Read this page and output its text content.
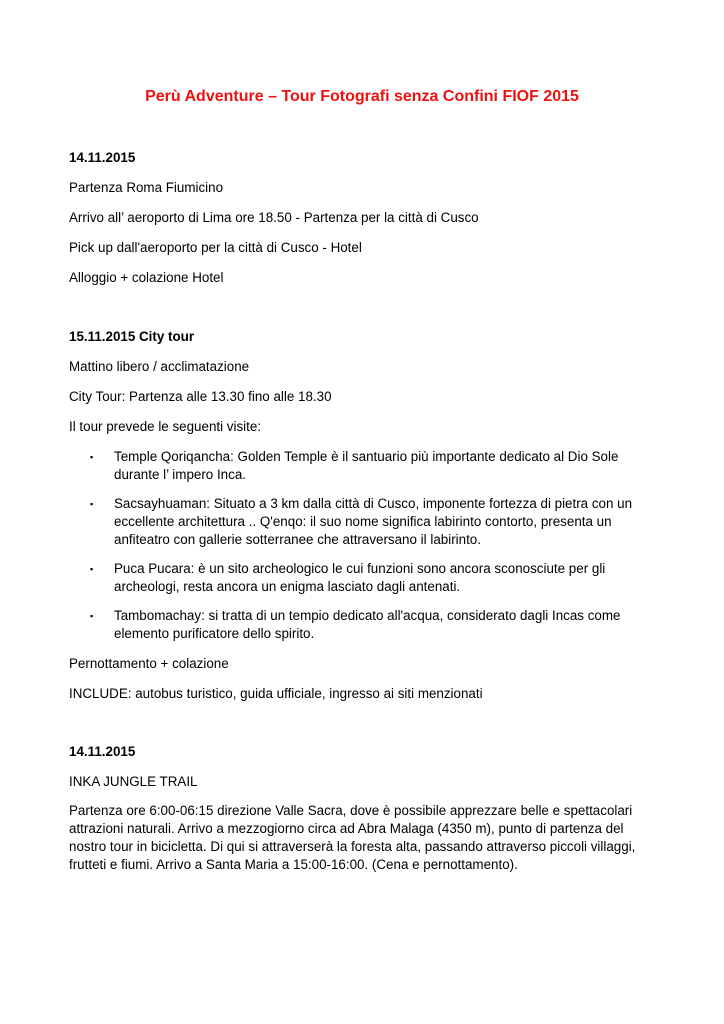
Perù Adventure – Tour Fotografi senza Confini FIOF 2015
14.11.2015
Partenza Roma Fiumicino
Arrivo all’ aeroporto di Lima ore 18.50 - Partenza per la città di Cusco
Pick up dall'aeroporto per la città di Cusco - Hotel
Alloggio + colazione Hotel
15.11.2015 City tour
Mattino libero / acclimatazione
City Tour: Partenza alle 13.30 fino alle 18.30
Il tour prevede le seguenti visite:
▪ Temple Qoriqancha: Golden Temple è il santuario più importante dedicato al Dio Sole
durante l’ impero Inca.
▪ Sacsayhuaman: Situato a 3 km dalla città di Cusco, imponente fortezza di pietra con un
eccellente architettura .. Q'enqo: il suo nome significa labirinto contorto, presenta un
anfiteatro con gallerie sotterranee che attraversano il labirinto.
▪ Puca Pucara: è un sito archeologico le cui funzioni sono ancora sconosciute per gli
archeologi, resta ancora un enigma lasciato dagli antenati.
▪ Tambomachay: si tratta di un tempio dedicato all'acqua, considerato dagli Incas come
elemento purificatore dello spirito.
Pernottamento + colazione
INCLUDE: autobus turistico, guida ufficiale, ingresso ai siti menzionati
14.11.2015
INKA JUNGLE TRAIL
Partenza ore 6:00-06:15 direzione Valle Sacra, dove è possibile apprezzare belle e spettacolari
attrazioni naturali. Arrivo a mezzogiorno circa ad Abra Malaga (4350 m), punto di partenza del
nostro tour in bicicletta. Di qui si attraverserà la foresta alta, passando attraverso piccoli villaggi,
frutteti e fiumi. Arrivo a Santa Maria a 15:00-16:00. (Cena e pernottamento).
